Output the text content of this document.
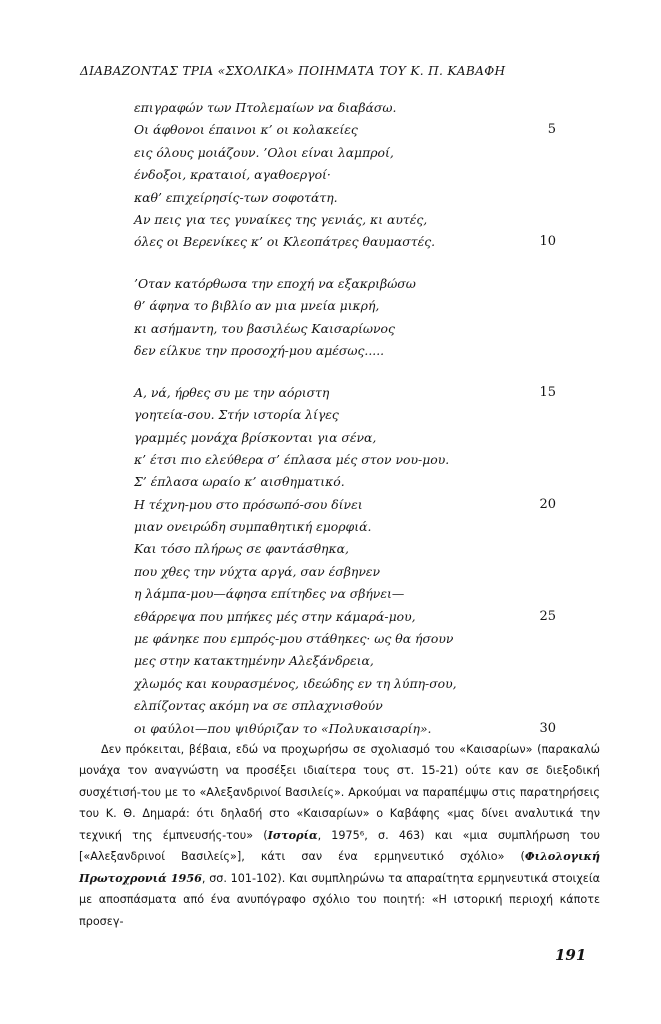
ΔΙΑΒΑΖΟΝΤΑΣ ΤΡΙΑ «ΣΧΟΛΙΚΑ» ΠΟΙΗΜΑΤΑ ΤΟΥ Κ. Π. ΚΑΒΑΦΗ
επιγραφών των Πτολεμαίων να διαβάσω.
Οι άφθονοι έπαινοι κ’ οι κολακείες	5
εις όλους μοιάζουν. ’Ολοι είναι λαμπροί,
ένδοξοι, κραταιοί, αγαθοεργοί·
καθ’ επιχείρησίς-των σοφοτάτη.
Αν πεις για τες γυναίκες της γενιάς, κι αυτές,
όλες οι Βερενίκες κ’ οι Κλεοπάτρες θαυμαστές.	10
’Οταν κατόρθωσα την εποχή να εξακριβώσω
θ’ άφηνα το βιβλίο αν μια μνεία μικρή,
κι ασήμαντη, του βασιλέως Καισαρίωνος
δεν είλκυε την προσοχή-μου αμέσως.....
Α, νά, ήρθες συ με την αόριστη	15
γοητεία-σου. Στήν ιστορία λίγες
γραμμές μονάχα βρίσκονται για σένα,
κ’ έτσι πιο ελεύθερα σ’ έπλασα μές στον νου-μου.
Σ’ έπλασα ωραίο κ’ αισθηματικό.
Η τέχνη-μου στο πρόσωπό-σου δίνει	20
μιαν ονειρώδη συμπαθητική εμορφιά.
Και τόσο πλήρως σε φαντάσθηκα,
που χθες την νύχτα αργά, σαν έσβηνεν
η λάμπα-μου—άφησα επίτηδες να σβήνει—
εθάρρεψα που μπήκες μές στην κάμαρά-μου,	25
με φάνηκε που εμπρός-μου στάθηκες· ως θα ήσουν
μες στην κατακτημένην Αλεξάνδρεια,
χλωμός και κουρασμένος, ιδεώδης εν τη λύπη-σου,
ελπίζοντας ακόμη να σε σπλαχνισθούν
οι φαύλοι—που ψιθύριζαν το «Πολυκαισαρίη».	30

Δεν πρόκειται, βέβαια, εδώ να προχωρήσω σε σχολιασμό του «Καισαρίων» (παρακαλώ μονάχα τον αναγνώστη να προσέξει ιδιαίτερα τους στ. 15-21) ούτε καν σε διεξοδική συσχέτισή-του με το «Αλεξανδρινοί Βασιλείς». Αρκούμαι να παραπέμψω στις παρατηρήσεις του Κ. Θ. Δημαρά: ότι δηλαδή στο «Καισαρίων» ο Καβάφης «μας δίνει αναλυτικά την τεχνική της έμπνευσής-του» (Ιστορία, 1975⁶, σ. 463) και «μια συμπλήρωση του [«Αλεξανδρινοί Βασιλείς»], κάτι σαν ένα ερμηνευτικό σχόλιο» (Φιλολογική Πρωτοχρονιά 1956, σσ. 101-102). Και συμπληρώνω τα απαραίτητα ερμηνευτικά στοιχεία με αποσπάσματα από ένα ανυπόγραφο σχόλιο του ποιητή: «Η ιστορική περιοχή κάποτε προσεγ-

191
